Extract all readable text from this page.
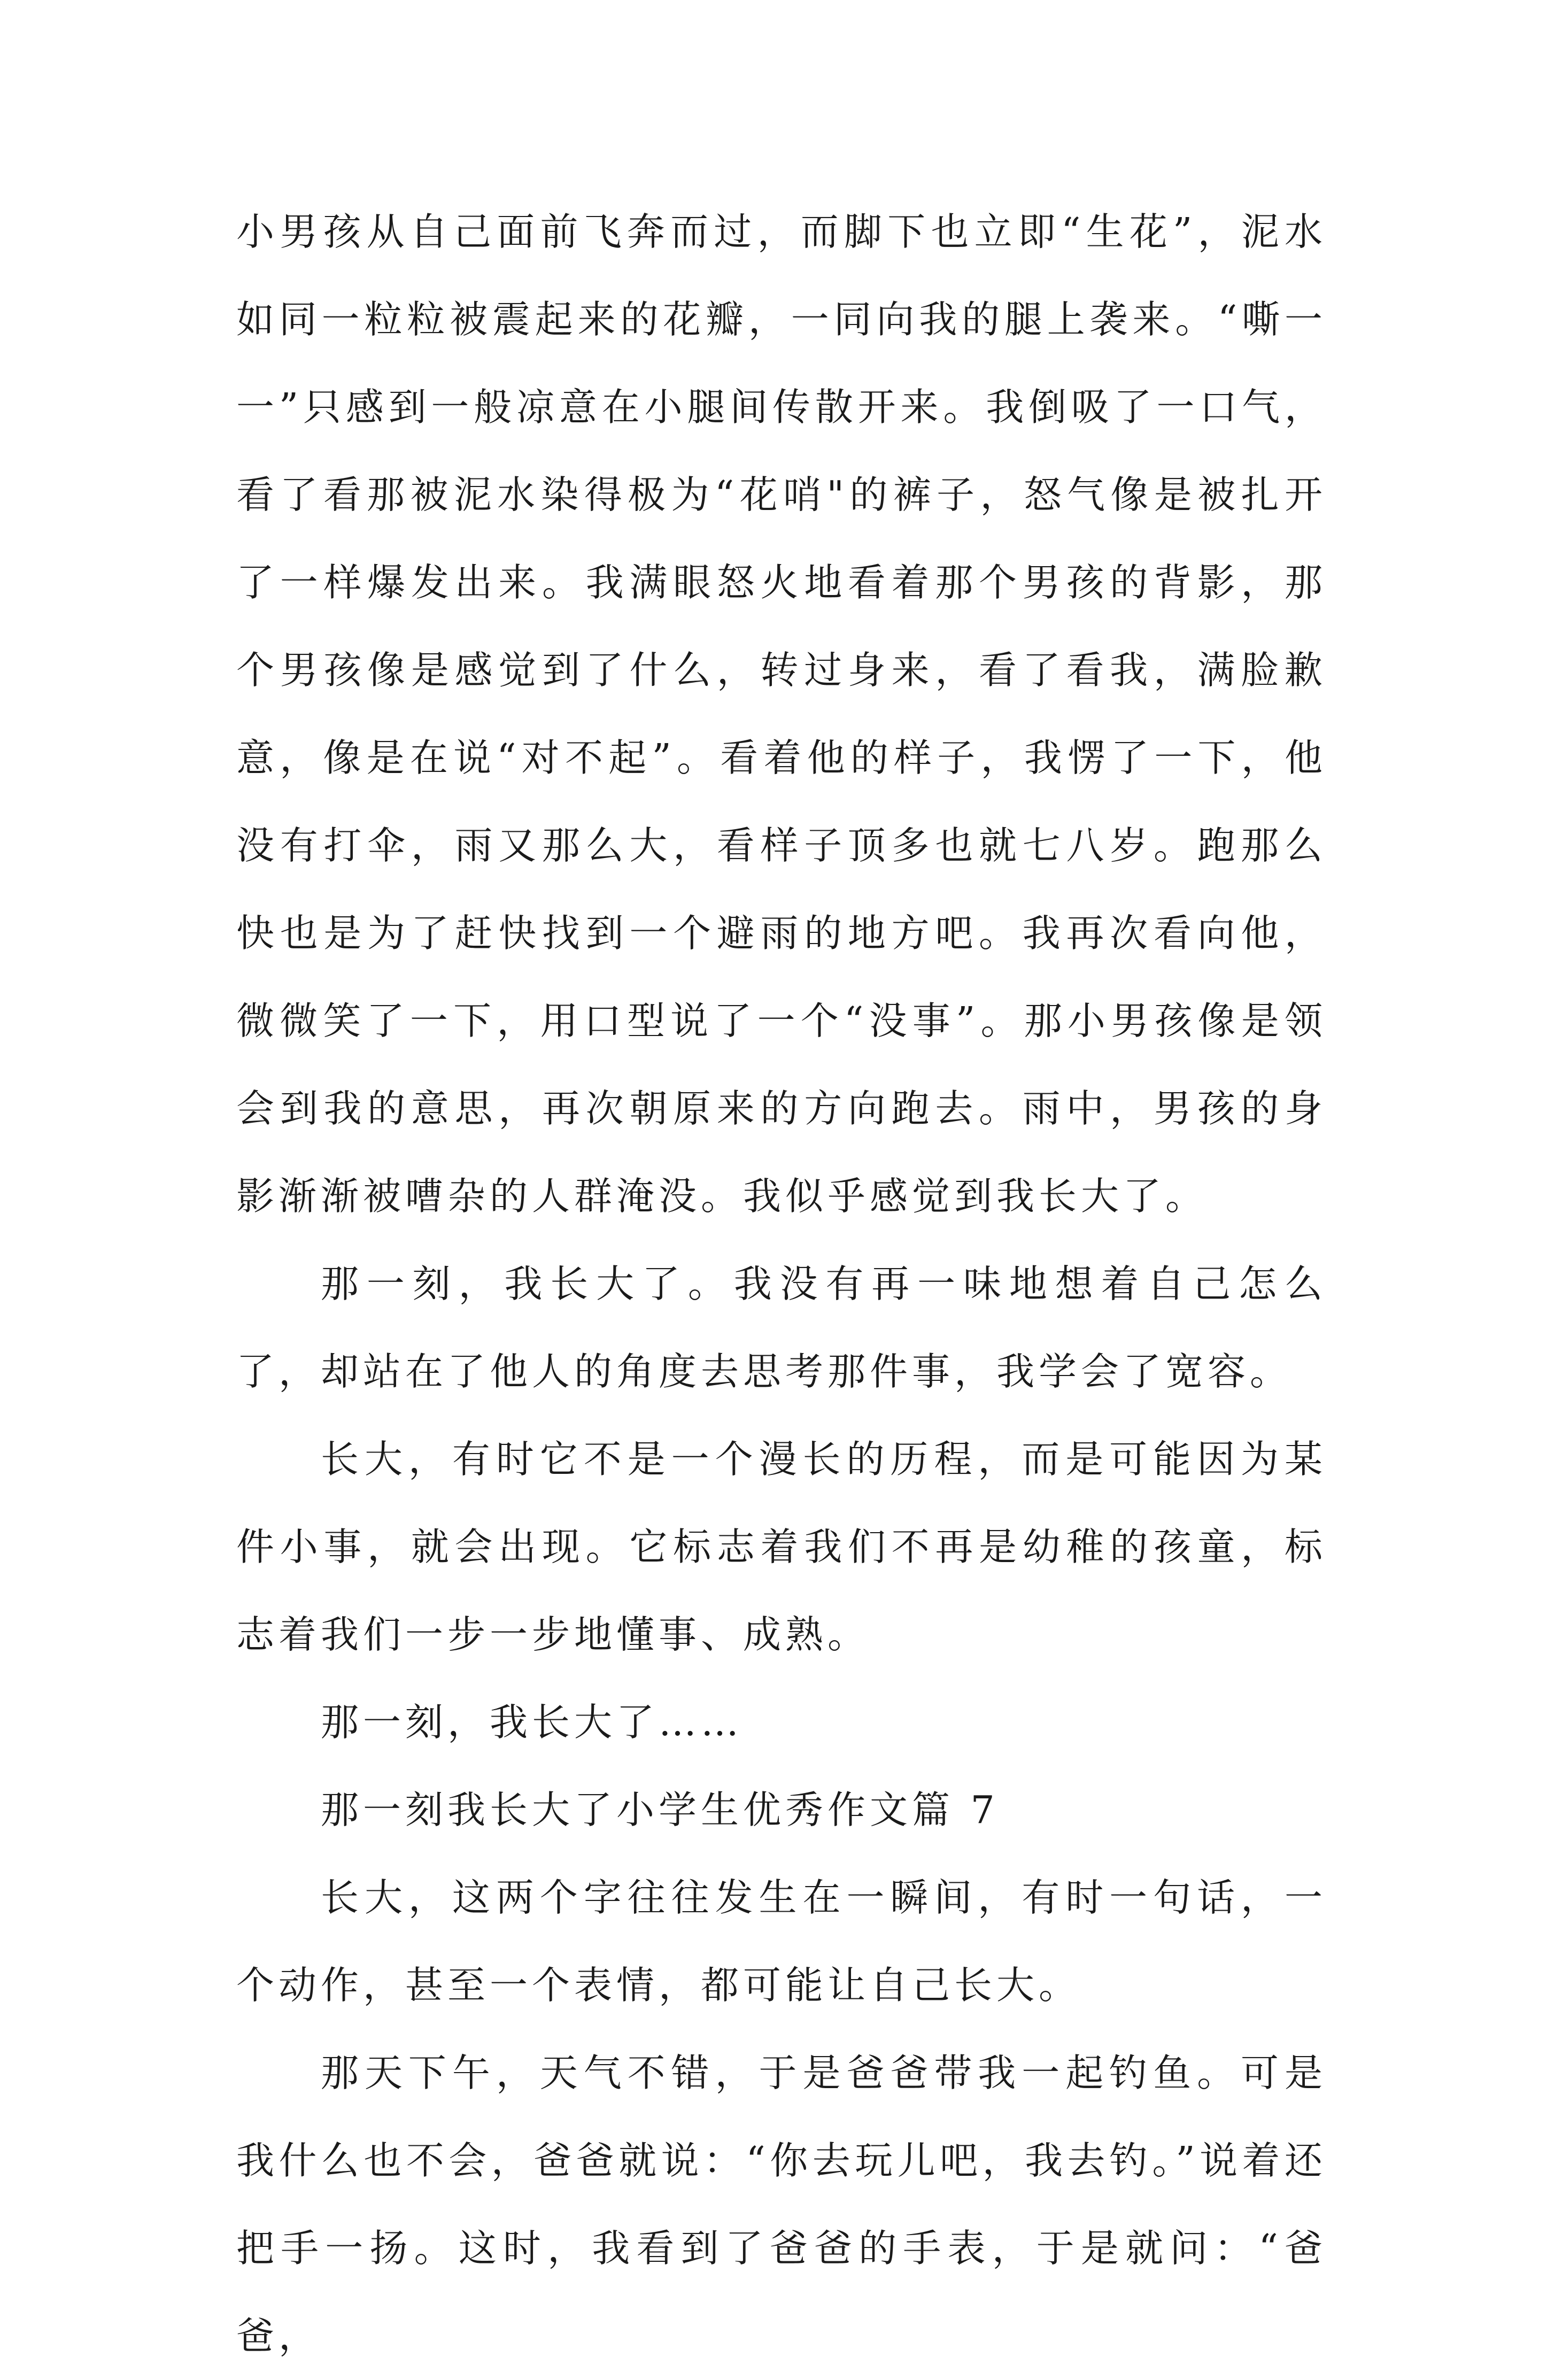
小男孩从自己面前飞奔而过，而脚下也立即“生花”，泥水如同一粒粒被震起来的花瓣，一同向我的腿上袭来。“嘶一一”只感到一般凉意在小腿间传散开来。我倒吸了一口气，看了看那被泥水染得极为“花哨"的裤子，怒气像是被扎开了一样爆发出来。我满眼怒火地看着那个男孩的背影，那个男孩像是感觉到了什么，转过身来，看了看我，满脸歉意，像是在说“对不起”。看着他的样子，我愣了一下，他没有打伞，雨又那么大，看样子顶多也就七八岁。跑那么快也是为了赶快找到一个避雨的地方吧。我再次看向他，微微笑了一下，用口型说了一个“没事”。那小男孩像是领会到我的意思，再次朝原来的方向跑去。雨中，男孩的身影渐渐被嘈杂的人群淹没。我似乎感觉到我长大了。

那一刻，我长大了。我没有再一味地想着自己怎么了，却站在了他人的角度去思考那件事，我学会了宽容。

长大，有时它不是一个漫长的历程，而是可能因为某件小事，就会出现。它标志着我们不再是幼稚的孩童，标志着我们一步一步地懂事、成熟。

那一刻，我长大了……

那一刻我长大了小学生优秀作文篇 7

长大，这两个字往往发生在一瞬间，有时一句话，一个动作，甚至一个表情，都可能让自己长大。

那天下午，天气不错，于是爸爸带我一起钓鱼。可是我什么也不会，爸爸就说：“你去玩儿吧，我去钓。”说着还把手一扬。这时，我看到了爸爸的手表，于是就问：“爸爸，
